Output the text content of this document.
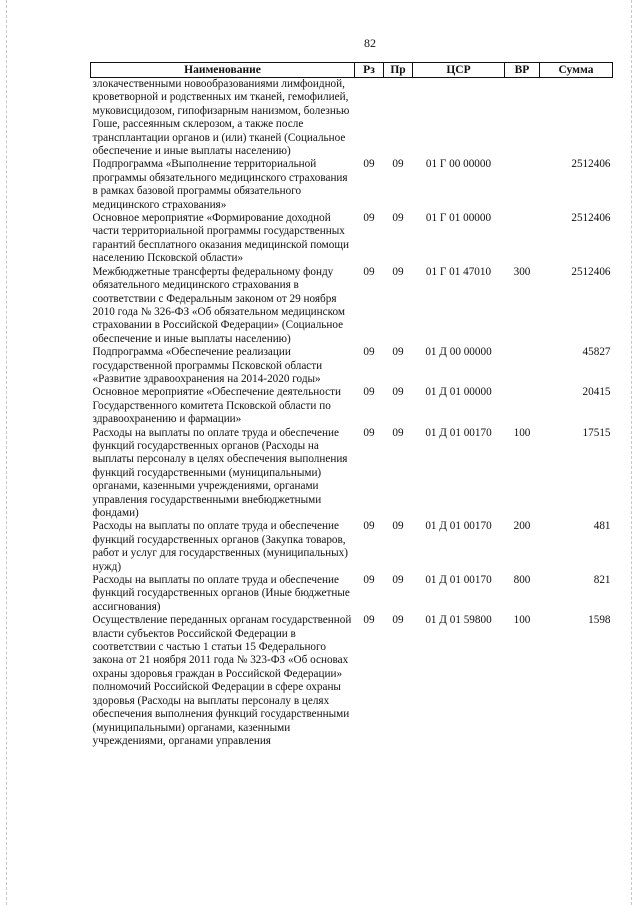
82
Наименование	Рз	Пр	ЦСР	ВР	Сумма
злокачественными новообразованиями лимфоидной, кроветворной и родственных им тканей, гемофилией, муковисцидозом, гипофизарным нанизмом, болезнью Гоше, рассеянным склерозом, а также после трансплантации органов и (или) тканей (Социальное обеспечение и иные выплаты населению)					
Подпрограмма «Выполнение территориальной программы обязательного медицинского страхования в рамках базовой программы обязательного медицинского страхования»	09	09	01 Г 00 00000		2512406
Основное мероприятие «Формирование доходной части территориальной программы государственных гарантий бесплатного оказания медицинской помощи населению Псковской области»	09	09	01 Г 01 00000		2512406
Межбюджетные трансферты федеральному фонду обязательного медицинского страхования в соответствии с Федеральным законом от 29 ноября 2010 года № 326-ФЗ «Об обязательном медицинском страховании в Российской Федерации» (Социальное обеспечение и иные выплаты населению)	09	09	01 Г 01 47010	300	2512406
Подпрограмма «Обеспечение реализации государственной программы Псковской области «Развитие здравоохранения на 2014-2020 годы»	09	09	01 Д 00 00000		45827
Основное мероприятие «Обеспечение деятельности Государственного комитета Псковской области по здравоохранению и фармации»	09	09	01 Д 01 00000		20415
Расходы на выплаты по оплате труда и обеспечение функций государственных органов (Расходы на выплаты персоналу в целях обеспечения выполнения функций государственными (муниципальными) органами, казенными учреждениями, органами управления государственными внебюджетными фондами)	09	09	01 Д 01 00170	100	17515
Расходы на выплаты по оплате труда и обеспечение функций государственных органов (Закупка товаров, работ и услуг для государственных (муниципальных) нужд)	09	09	01 Д 01 00170	200	481
Расходы на выплаты по оплате труда и обеспечение функций государственных органов (Иные бюджетные ассигнования)	09	09	01 Д 01 00170	800	821
Осуществление переданных органам государственной власти субъектов Российской Федерации в соответствии с частью 1 статьи 15 Федерального закона от 21 ноября 2011 года № 323-ФЗ «Об основах охраны здоровья граждан в Российской Федерации» полномочий Российской Федерации в сфере охраны здоровья (Расходы на выплаты персоналу в целях обеспечения выполнения функций государственными (муниципальными) органами, казенными учреждениями, органами управления	09	09	01 Д 01 59800	100	1598
